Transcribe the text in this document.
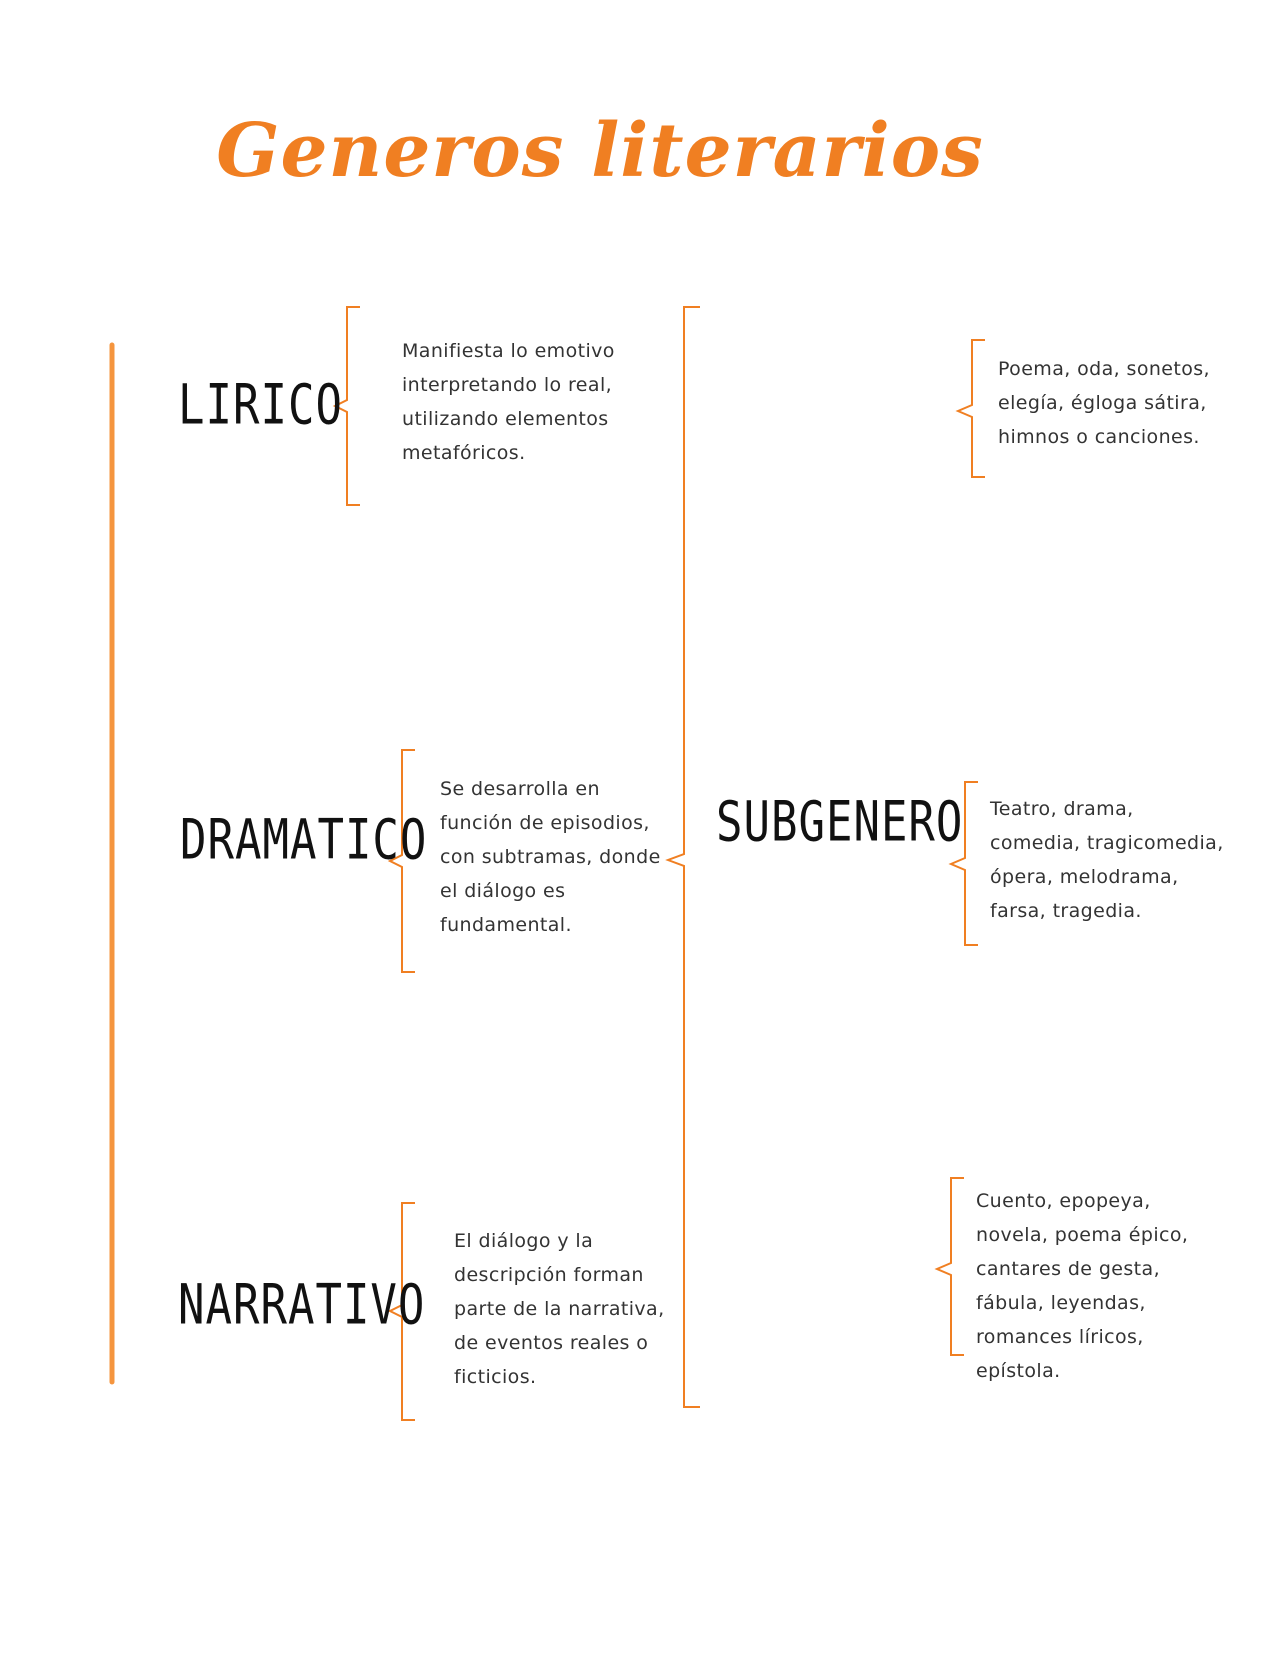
Generos literarios
LIRICO
DRAMATICO
NARRATIVO
Manifiesta lo emotivo interpretando lo real, utilizando elementos metafóricos.
Se desarrolla en función de episodios, con subtramas, donde el diálogo es fundamental.
El diálogo y la descripción forman parte de la narrativa, de eventos reales o ficticios.
SUBGENERO
Poema, oda, sonetos, elegía, égloga sátira, himnos o canciones.
Teatro, drama, comedia, tragicomedia, ópera, melodrama, farsa, tragedia.
Cuento, epopeya, novela, poema épico, cantares de gesta, fábula, leyendas, romances líricos, epístola.
